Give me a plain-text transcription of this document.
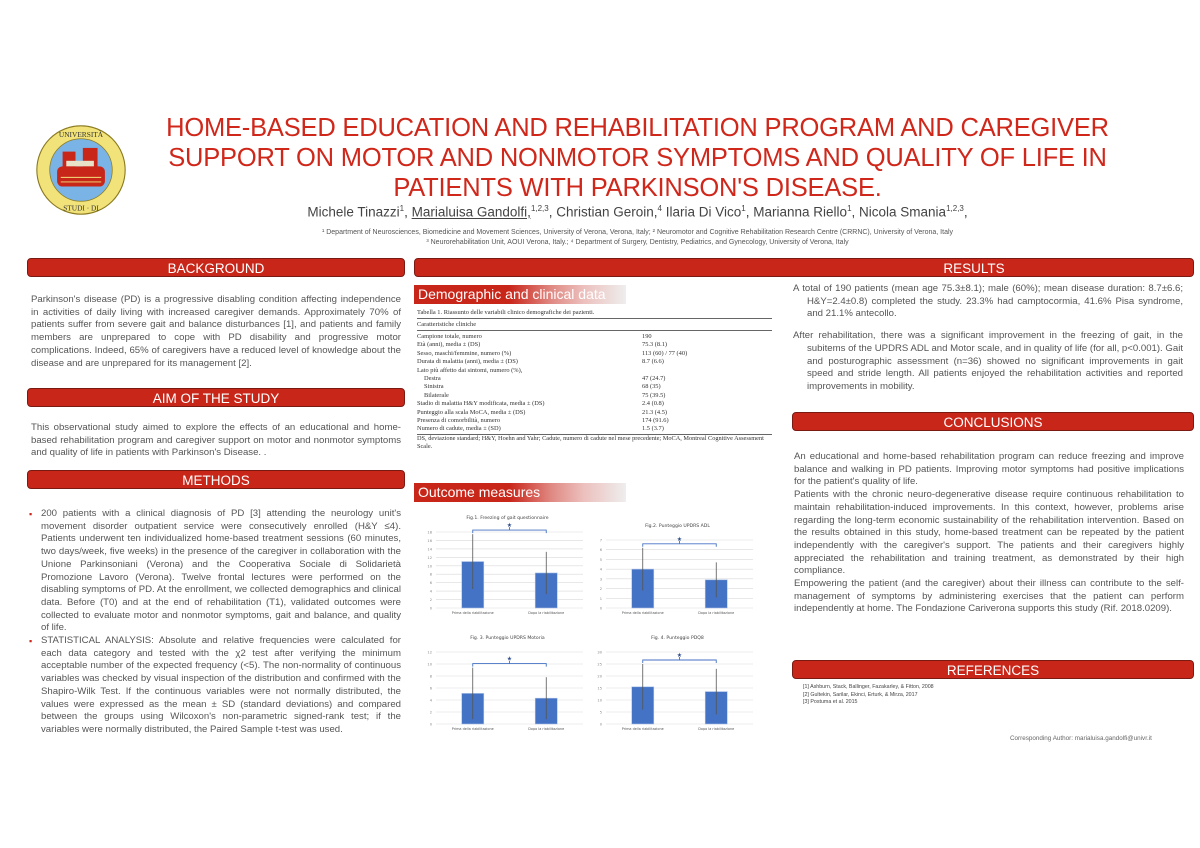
UNIVERSITÀ
STUDI · DI
HOME-BASED EDUCATION AND REHABILITATION PROGRAM AND CAREGIVER
SUPPORT ON MOTOR AND NONMOTOR SYMPTOMS AND QUALITY OF LIFE IN
PATIENTS WITH PARKINSON'S DISEASE.
Michele Tinazzi$^1$, Marialuisa Gandolfi,$^{1,2,3}$, Christian Geroin,$^4$ Ilaria Di Vico$^1$, Marianna Riello$^1$, Nicola Smania$^{1,2,3}$,
¹ Department of Neurosciences, Biomedicine and Movement Sciences, University of Verona, Verona, Italy; ² Neuromotor and Cognitive Rehabilitation Research Centre (CRRNC), University of Verona, Italy
³ Neurorehabilitation Unit, AOUI Verona, Italy.; ⁴ Department of Surgery, Dentistry, Pediatrics, and Gynecology, University of Verona, Italy
BACKGROUND
Parkinson's disease (PD) is a progressive disabling condition affecting independence in activities of daily living with increased caregiver demands. Approximately 70% of patients suffer from severe gait and balance disturbances [1], and patients and family members are unprepared to cope with PD disability and progressive motor complications. Indeed, 65% of caregivers have a reduced level of knowledge about the disease and are unprepared for its management [2].
AIM OF THE STUDY
This observational study aimed to explore the effects of an educational and home-based rehabilitation program and caregiver support on motor and nonmotor symptoms and quality of life in patients with Parkinson's Disease. .
METHODS
▪ 200 patients with a clinical diagnosis of PD [3] attending the neurology unit's movement disorder outpatient service were consecutively enrolled (H&Y ≤4). Patients underwent ten individualized home-based treatment sessions (60 minutes, two days/week, five weeks) in the presence of the caregiver in collaboration with the Unione Parkinsoniani (Verona) and the Cooperativa Sociale di Solidarietà Promozione Lavoro (Verona). Twelve frontal lectures were performed on the disabling symptoms of PD. At the enrollment, we collected demographics and clinical data. Before (T0) and at the end of rehabilitation (T1), validated outcomes were collected to evaluate motor and nonmotor symptoms, gait and balance, and quality of life.
▪ STATISTICAL ANALYSIS: Absolute and relative frequencies were calculated for each data category and tested with the χ2 test after verifying the minimum acceptable number of the expected frequency (<5). The non-normality of continuous variables was checked by visual inspection of the distribution and confirmed with the Shapiro-Wilk Test. If the continuous variables were not normally distributed, the values were expressed as the mean ± SD (standard deviations) and compared between the groups using Wilcoxon's non-parametric signed-rank test; if the variables were normally distributed, the Paired Sample t-test was used.
RESULTS
Demographic and clinical data
Tabella 1. Riassunto delle variabili clinico demografiche dei pazienti.
Caratteristiche cliniche
Campione totale, numero	190
Età (anni), media ± (DS)	75.3 (8.1)
Sesso, maschi/femmine, numero (%)	113 (60) / 77 (40)
Durata di malattia (anni), media ± (DS)	8.7 (6.6)
Lato più affetto dai sintomi, numero (%),
Destra	47 (24.7)
Sinistra	68 (35)
Bilaterale	75 (39.5)
Stadio di malattia H&Y modificata, media ± (DS)	2.4 (0.8)
Punteggio alla scala MoCA, media ± (DS)	21.3 (4.5)
Presenza di comorbilità, numero	174 (91.6)
Numero di cadute, media ± (SD)	1.5 (3.7)
DS, deviazione standard; H&Y, Hoehn and Yahr; Cadute, numero di cadute nel mese precedente; MoCA, Montreal Cognitive Assessment Scale.
Outcome measures
Fig.1. Freezing of gait questionnaire
0
2
4
6
8
10
12
14
16
18
Prima della riabilitazione	Dopo la riabilitazione
★	Fig.2. Punteggio UPDRS ADL
0
1
2
3
4
5
6
7
Prima della riabilitazione	Dopo la riabilitazione
★
Fig. 3. Punteggio UPDRS Motoria
0
2
4
6
8
10
12
Prima della riabilitazione	Dopo la riabilitazione
★
Fig. 4. Punteggio PDQ8
0
5
10
15
20
25
30
Prima della riabilitazione	Dopo la riabilitazione
★

A total of 190 patients (mean age 75.3±8.1); male (60%); mean disease duration: 8.7±6.6; H&Y=2.4±0.8) completed the study. 23.3% had camptocormia, 41.6% Pisa syndrome, and 21.1% antecollo.

After rehabilitation, there was a significant improvement in the freezing of gait, in the subitems of the UPDRS ADL and Motor scale, and in quality of life (for all, p<0.001). Gait and posturographic assessment (n=36) showed no significant improvements in gait speed and stride length. All patients enjoyed the rehabilitation activities and reported improvements in mobility.

CONCLUSIONS

An educational and home-based rehabilitation program can reduce freezing and improve balance and walking in PD patients. Improving motor symptoms had positive implications for the patient's quality of life.

Patients with the chronic neuro-degenerative disease require continuous rehabilitation to maintain rehabilitation-induced improvements. In this context, however, problems arise regarding the long-term economic sustainability of the rehabilitation intervention. Based on the results obtained in this study, home-based treatment can be repeated by the patient independently with the caregiver's support. The patients and their caregivers highly appreciated the rehabilitation and training treatment, as demonstrated by their high compliance.

Empowering the patient (and the caregiver) about their illness can contribute to the self-management of symptoms by administering exercises that the patient can perform independently at home. The Fondazione Cariverona supports this study (Rif. 2018.0209).

REFERENCES
[1] Ashburn, Stack, Ballinger, Fazakarley, & Fitton, 2008
[2] Gultekin, Sarilar, Ekinci, Erturk, & Mirza, 2017
[3] Postuma et al. 2015
Corresponding Author: marialuisa.gandolfi@univr.it
